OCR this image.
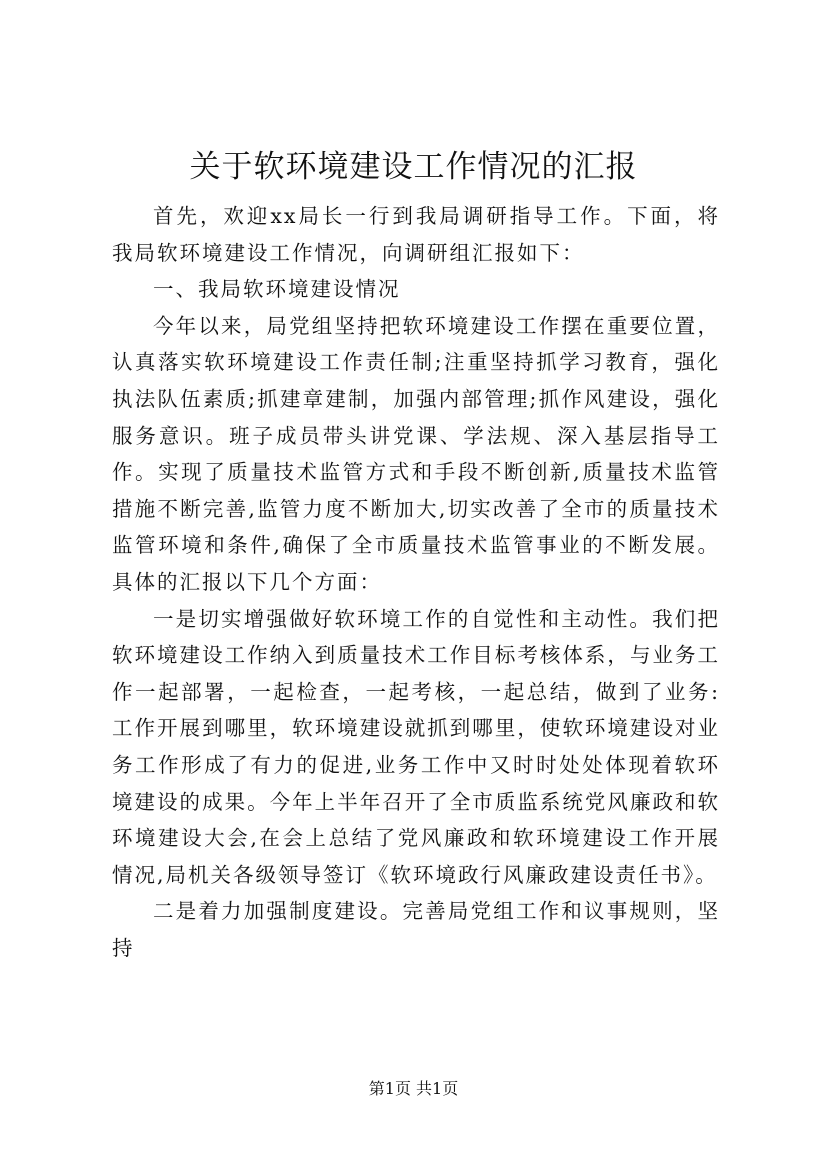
关于软环境建设工作情况的汇报

首先，欢迎xx局长一行到我局调研指导工作。下面，将我局软环境建设工作情况，向调研组汇报如下：

一、我局软环境建设情况

今年以来，局党组坚持把软环境建设工作摆在重要位置，认真落实软环境建设工作责任制;注重坚持抓学习教育，强化执法队伍素质;抓建章建制，加强内部管理;抓作风建设，强化服务意识。班子成员带头讲党课、学法规、深入基层指导工作。实现了质量技术监管方式和手段不断创新,质量技术监管措施不断完善,监管力度不断加大,切实改善了全市的质量技术监管环境和条件,确保了全市质量技术监管事业的不断发展。具体的汇报以下几个方面：

一是切实增强做好软环境工作的自觉性和主动性。我们把软环境建设工作纳入到质量技术工作目标考核体系，与业务工作一起部署，一起检查，一起考核，一起总结，做到了业务:工作开展到哪里，软环境建设就抓到哪里，使软环境建设对业务工作形成了有力的促进,业务工作中又时时处处体现着软环境建设的成果。今年上半年召开了全市质监系统党风廉政和软环境建设大会,在会上总结了党风廉政和软环境建设工作开展情况,局机关各级领导签订《软环境政行风廉政建设责任书》。

二是着力加强制度建设。完善局党组工作和议事规则，坚持

第1页 共1页
